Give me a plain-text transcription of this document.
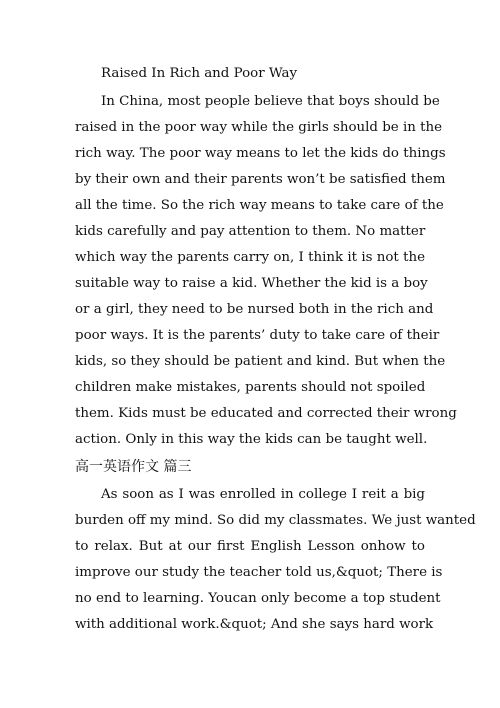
Raised In Rich and Poor Way
In China, most people believe that boys should be
raised in the poor way while the girls should be in the
rich way. The poor way means to let the kids do things
by their own and their parents won’t be satisfied them
all the time. So the rich way means to take care of the
kids carefully and pay attention to them. No matter
which way the parents carry on, I think it is not the
suitable way to raise a kid. Whether the kid is a boy
or a girl, they need to be nursed both in the rich and
poor ways. It is the parents’ duty to take care of their
kids, so they should be patient and kind. But when the
children make mistakes, parents should not spoiled
them. Kids must be educated and corrected their wrong
action. Only in this way the kids can be taught well.
高一英语作文 篇三
As soon as I was enrolled in college I reit a big
burden off my mind. So did my classmates. We just wanted
to relax. But at our first English Lesson onhow to
improve our study the teacher told us,&quot; There is
no end to learning. Youcan only become a top student
with additional work.&quot; And she says hard work
